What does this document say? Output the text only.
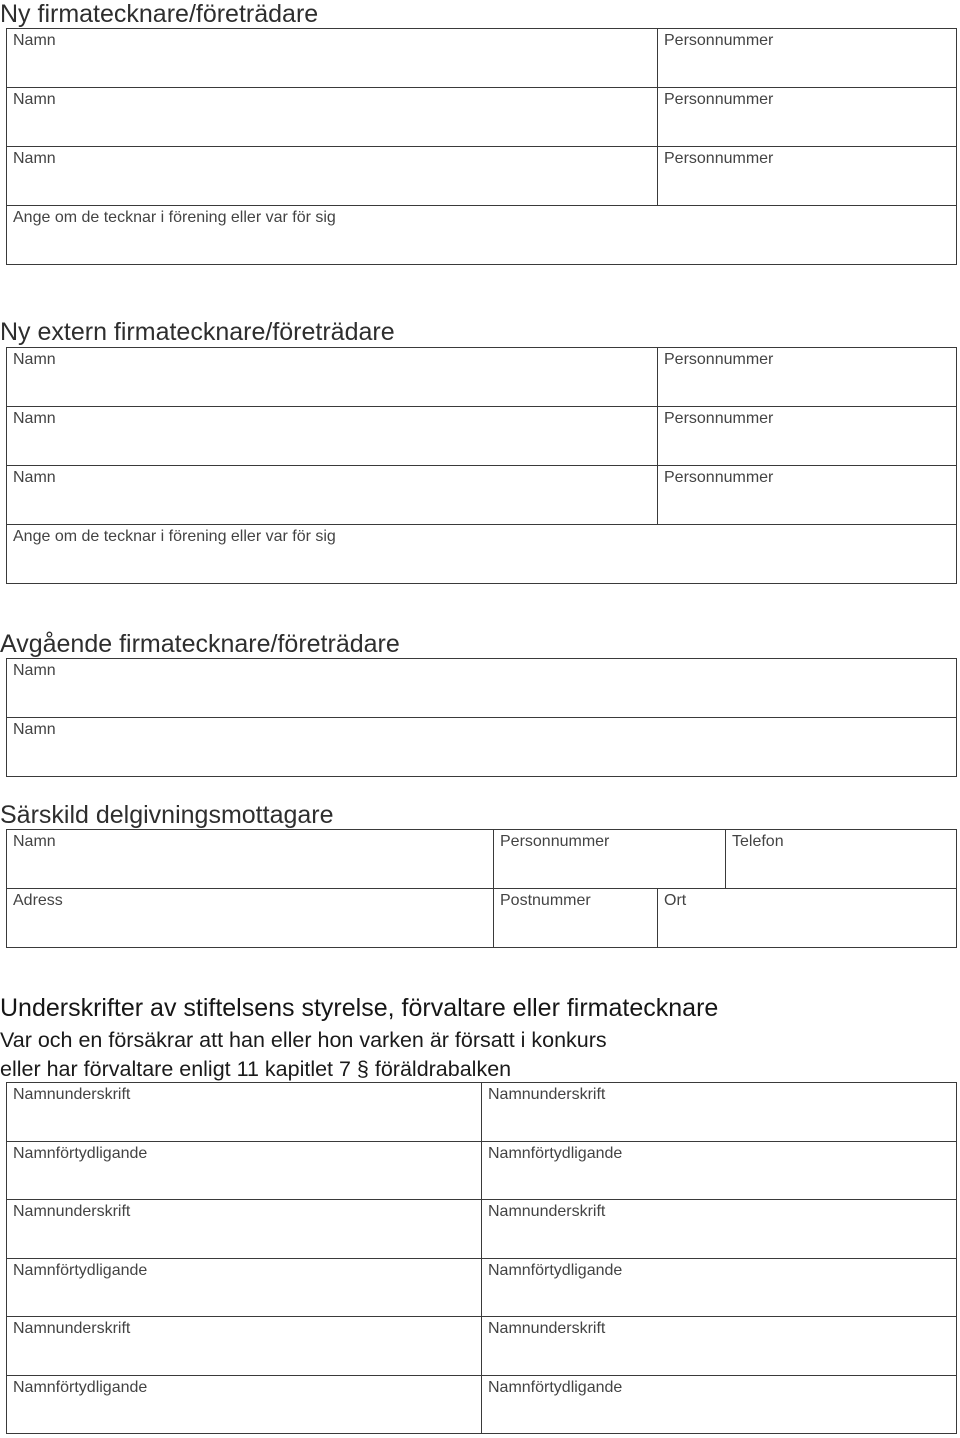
Ny firmatecknare/företrädare
Namn	Personnummer
Namn	Personnummer
Namn	Personnummer
Ange om de tecknar i förening eller var för sig
Ny extern firmatecknare/företrädare
Namn	Personnummer
Namn	Personnummer
Namn	Personnummer
Ange om de tecknar i förening eller var för sig
Avgående firmatecknare/företrädare
Namn
Namn
Särskild delgivningsmottagare
Namn	Personnummer	Telefon
Adress	Postnummer	Ort
Underskrifter av stiftelsens styrelse, förvaltare eller firmatecknare

Var och en försäkrar att han eller hon varken är försatt i konkurs

eller har förvaltare enligt 11 kapitlet 7 § föräldrabalken

Namnunderskrift	Namnunderskrift
Namnförtydligande	Namnförtydligande
Namnunderskrift	Namnunderskrift
Namnförtydligande	Namnförtydligande
Namnunderskrift	Namnunderskrift
Namnförtydligande	Namnförtydligande
